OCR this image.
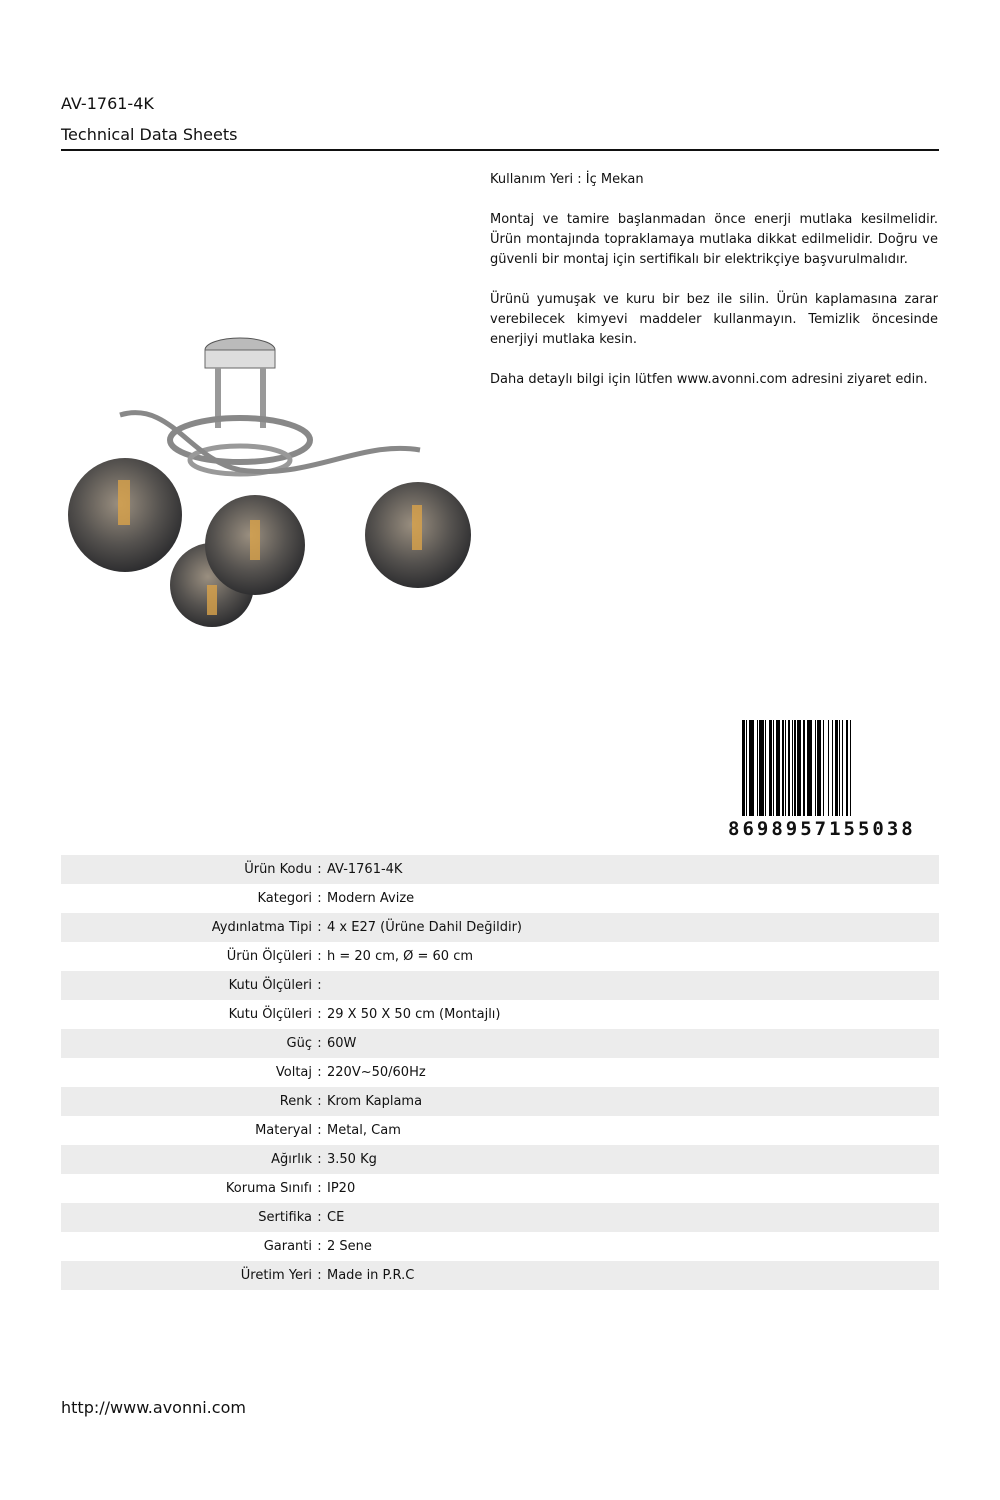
AV-1761-4K
Technical Data Sheets

Kullanım Yeri : İç Mekan

Montaj ve tamire başlanmadan önce enerji mutlaka kesilmelidir. Ürün montajında topraklamaya mutlaka dikkat edilmelidir. Doğru ve güvenli bir montaj için sertifikalı bir elektrikçiye başvurulmalıdır.

Ürünü yumuşak ve kuru bir bez ile silin. Ürün kaplamasına zarar verebilecek kimyevi maddeler kullanmayın. Temizlik öncesinde enerjiyi mutlaka kesin.

Daha detaylı bilgi için lütfen www.avonni.com adresini ziyaret edin.

8698957155038
Ürün Kodu : AV-1761-4K
Kategori : Modern Avize
Aydınlatma Tipi : 4 x E27 (Ürüne Dahil Değildir)
Ürün Ölçüleri : h = 20 cm, Ø = 60 cm
Kutu Ölçüleri :
Kutu Ölçüleri : 29 X 50 X 50 cm (Montajlı)
Güç : 60W
Voltaj : 220V~50/60Hz
Renk : Krom Kaplama
Materyal : Metal, Cam
Ağırlık : 3.50 Kg
Koruma Sınıfı : IP20
Sertifika : CE
Garanti : 2 Sene
Üretim Yeri : Made in P.R.C
http://www.avonni.com
